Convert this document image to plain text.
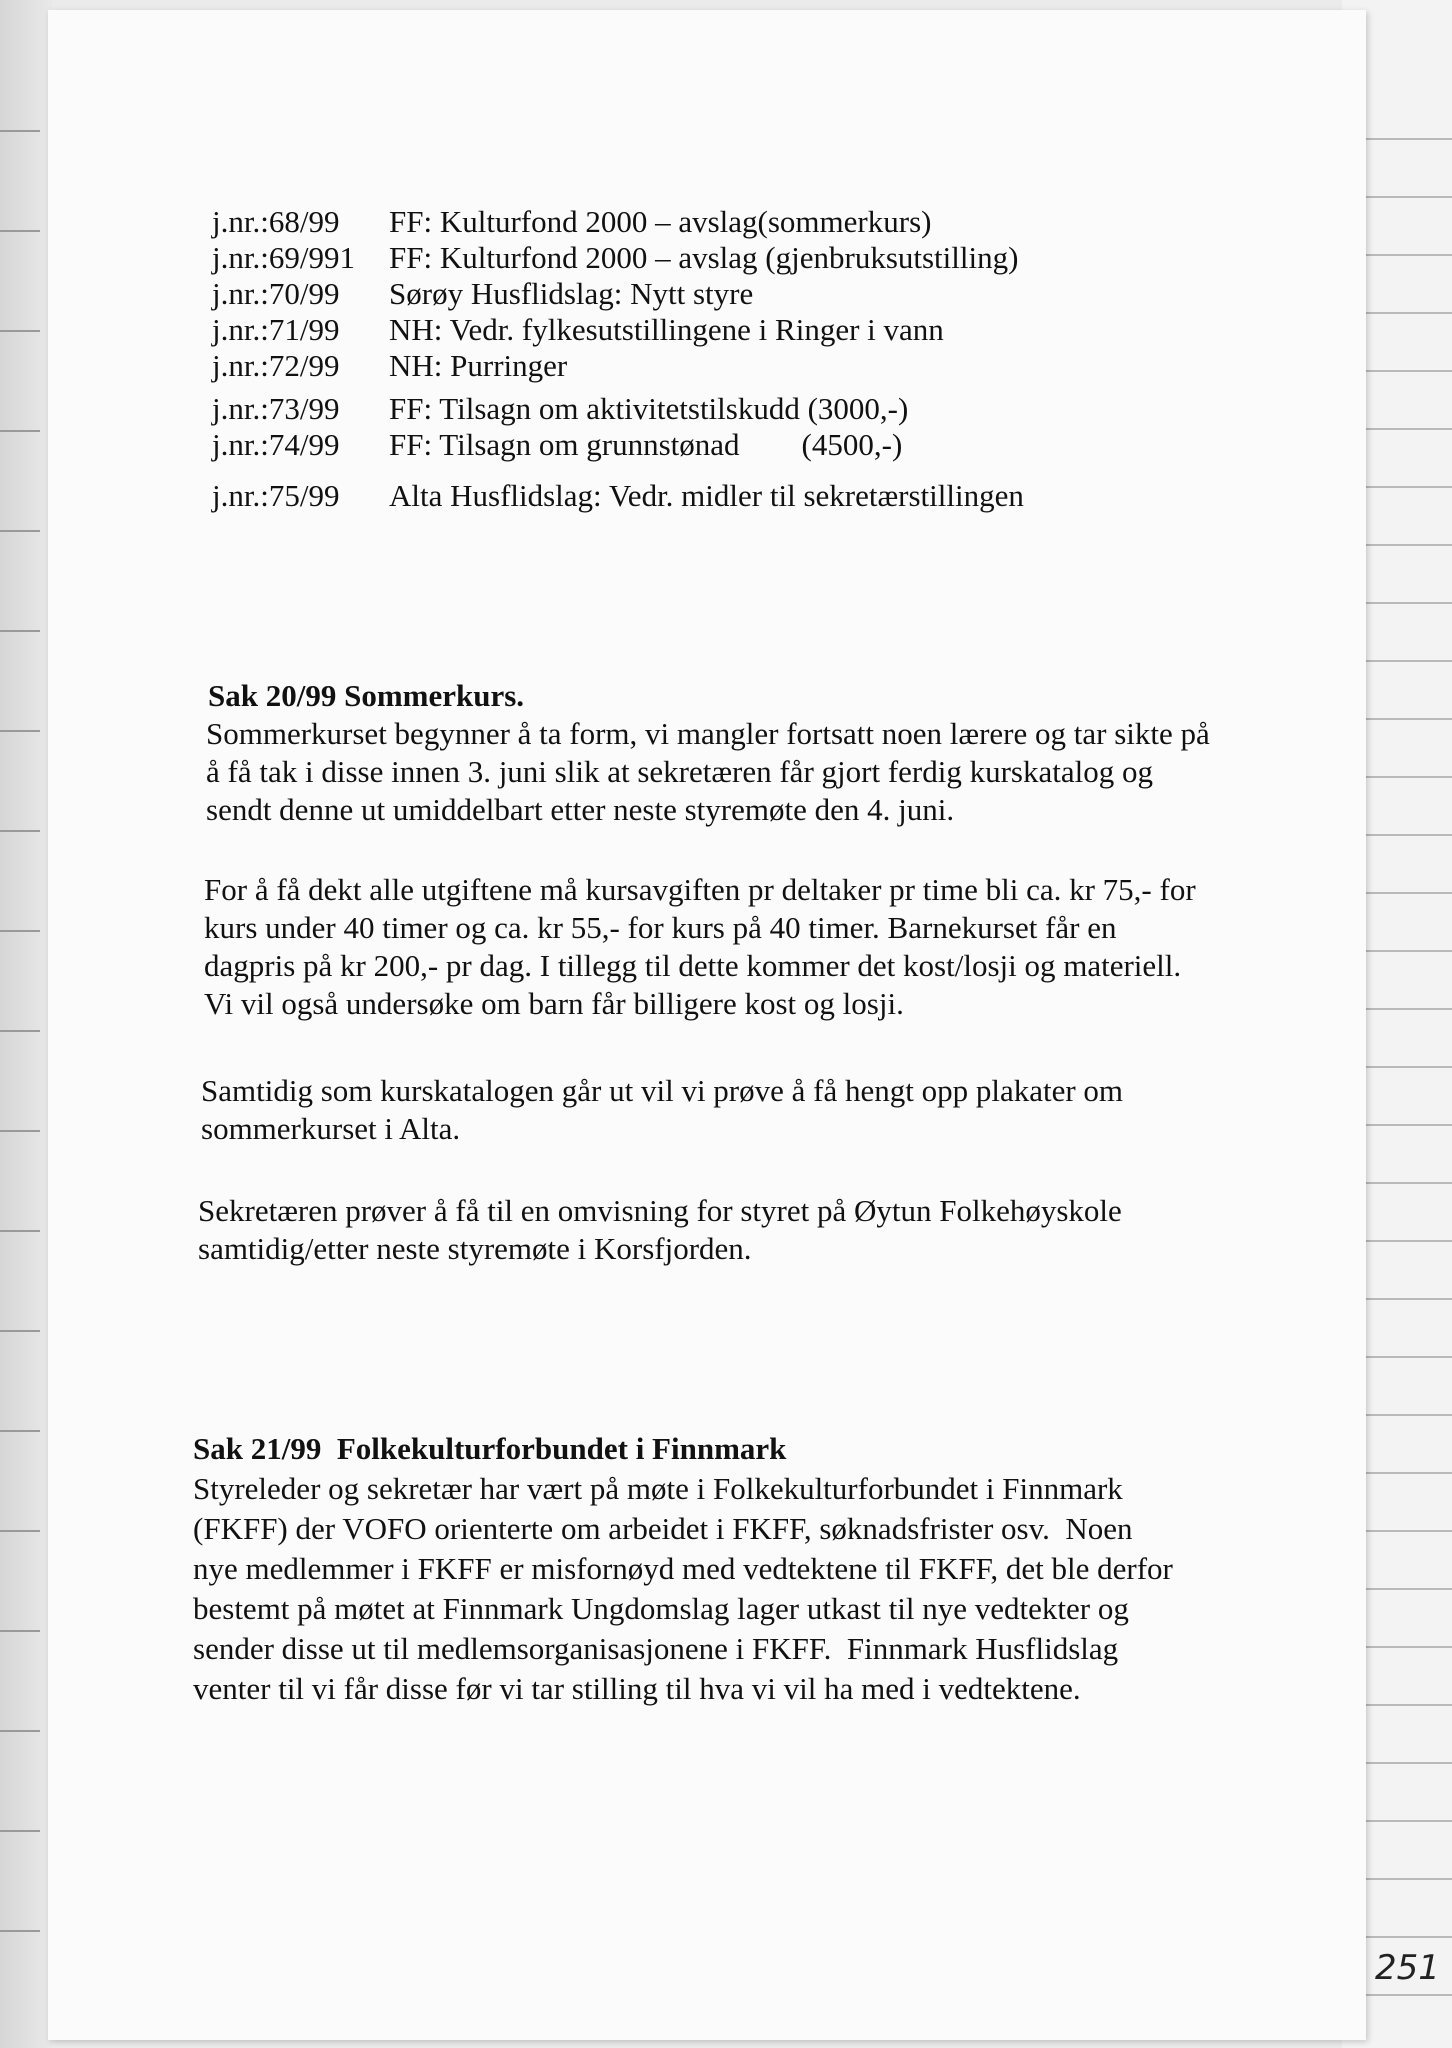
j.nr.:68/99 FF: Kulturfond 2000 – avslag(sommerkurs)
j.nr.:69/991 FF: Kulturfond 2000 – avslag (gjenbruksutstilling)
j.nr.:70/99 Sørøy Husflidslag: Nytt styre
j.nr.:71/99 NH: Vedr. fylkesutstillingene i Ringer i vann
j.nr.:72/99 NH: Purringer
j.nr.:73/99 FF: Tilsagn om aktivitetstilskudd (3000,-)
j.nr.:74/99 FF: Tilsagn om grunnstønad        (4500,-)
j.nr.:75/99 Alta Husflidslag: Vedr. midler til sekretærstillingen
Sak 20/99 Sommerkurs.
Sommerkurset begynner å ta form, vi mangler fortsatt noen lærere og tar sikte på
å få tak i disse innen 3. juni slik at sekretæren får gjort ferdig kurskatalog og
sendt denne ut umiddelbart etter neste styremøte den 4. juni.
For å få dekt alle utgiftene må kursavgiften pr deltaker pr time bli ca. kr 75,- for
kurs under 40 timer og ca. kr 55,- for kurs på 40 timer. Barnekurset får en
dagpris på kr 200,- pr dag. I tillegg til dette kommer det kost/losji og materiell.
Vi vil også undersøke om barn får billigere kost og losji.
Samtidig som kurskatalogen går ut vil vi prøve å få hengt opp plakater om
sommerkurset i Alta.
Sekretæren prøver å få til en omvisning for styret på Øytun Folkehøyskole
samtidig/etter neste styremøte i Korsfjorden.
Sak 21/99  Folkekulturforbundet i Finnmark
Styreleder og sekretær har vært på møte i Folkekulturforbundet i Finnmark
(FKFF) der VOFO orienterte om arbeidet i FKFF, søknadsfrister osv.  Noen
nye medlemmer i FKFF er misfornøyd med vedtektene til FKFF, det ble derfor
bestemt på møtet at Finnmark Ungdomslag lager utkast til nye vedtekter og
sender disse ut til medlemsorganisasjonene i FKFF.  Finnmark Husflidslag
venter til vi får disse før vi tar stilling til hva vi vil ha med i vedtektene.
251
